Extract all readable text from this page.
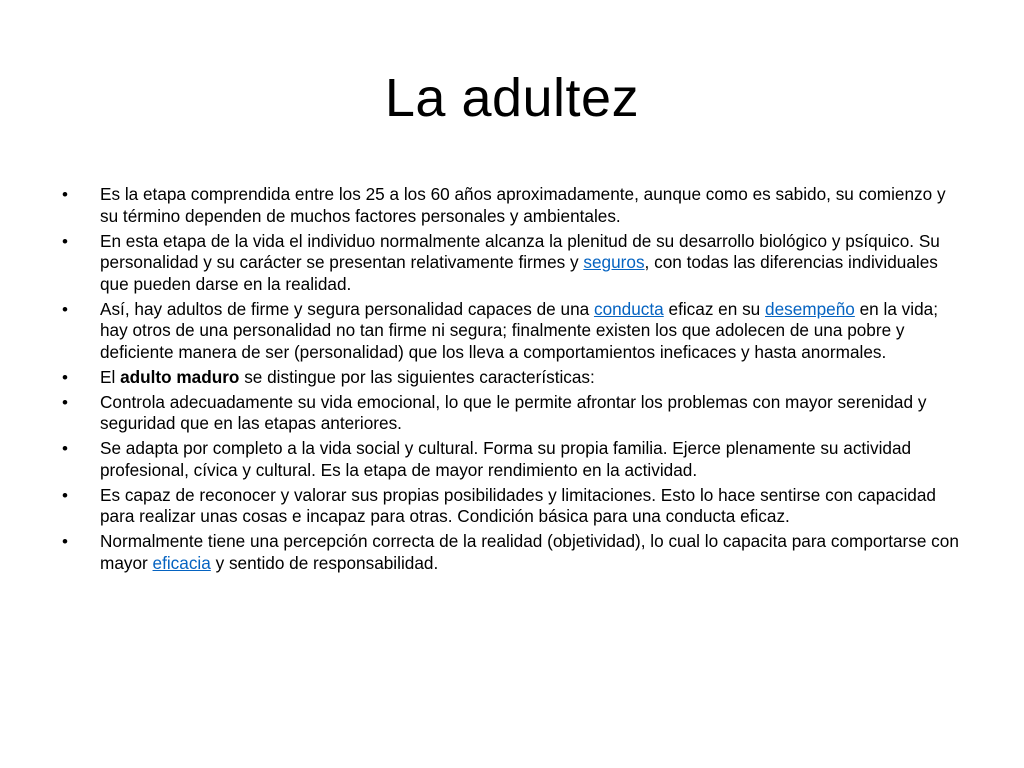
La adultez
• Es la etapa comprendida entre los 25 a los 60 años aproximadamente, aunque como es sabido, su comienzo y su término dependen de muchos factores personales y ambientales.
• En esta etapa de la vida el individuo normalmente alcanza la plenitud de su desarrollo biológico y psíquico. Su personalidad y su carácter se presentan relativamente firmes y seguros, con todas las diferencias individuales que pueden darse en la realidad.
• Así, hay adultos de firme y segura personalidad capaces de una conducta eficaz en su desempeño en la vida; hay otros de una personalidad no tan firme ni segura; finalmente existen los que adolecen de una pobre y deficiente manera de ser (personalidad) que los lleva a comportamientos ineficaces y hasta anormales.
• El adulto maduro se distingue por las siguientes características:
• Controla adecuadamente su vida emocional, lo que le permite afrontar los problemas con mayor serenidad y seguridad que en las etapas anteriores.
• Se adapta por completo a la vida social y cultural. Forma su propia familia. Ejerce plenamente su actividad profesional, cívica y cultural. Es la etapa de mayor rendimiento en la actividad.
• Es capaz de reconocer y valorar sus propias posibilidades y limitaciones. Esto lo hace sentirse con capacidad para realizar unas cosas e incapaz para otras. Condición básica para una conducta eficaz.
• Normalmente tiene una percepción correcta de la realidad (objetividad), lo cual lo capacita para comportarse con mayor eficacia y sentido de responsabilidad.
